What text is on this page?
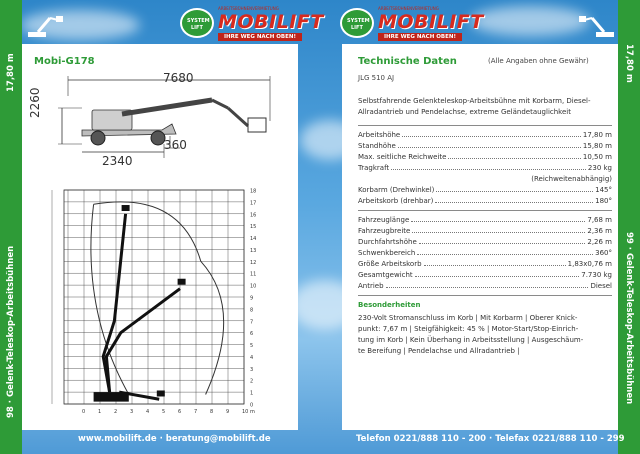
17,80 m
98 · Gelenk-Teleskop-Arbeitsbühnen
17,80 m
99 · Gelenk-Teleskop-Arbeitsbühnen
SYSTEM
LIFT
ARBEITSBÜHNENVERMIETUNG
MOBILIFT
IHRE WEG NACH OBEN!
SYSTEM
LIFT
ARBEITSBÜHNENVERMIETUNG
MOBILIFT
IHRE WEG NACH OBEN!
Mobi-G178
7680
2260
2340
360
18
17
16
15
14
13
12
11
10
9
8
7
6
5
4
3
2
1
0
0	1	2	3	4	5	6	7	8	9	10 m
Technische Daten	(Alle Angaben ohne Gewähr)
JLG 510 AJ
Selbstfahrende Gelenkteleskop-Arbeitsbühne mit Korbarm, Diesel-Allradantrieb und Pendelachse, extreme Geländetauglichkeit
Arbeitshöhe	17,80 m
Standhöhe	15,80 m
Max. seitliche Reichweite	10,50 m
Tragkraft	230 kg
(Reichweitenabhängig)
Korbarm (Drehwinkel)	145°
Arbeitskorb (drehbar)	180°
Fahrzeuglänge	7,68 m
Fahrzeugbreite	2,36 m
Durchfahrtshöhe	2,26 m
Schwenkbereich	360°
Größe Arbeitskorb	1,83x0,76 m
Gesamtgewicht	7.730 kg
Antrieb	Diesel
Besonderheiten
230-Volt Stromanschluss im Korb | Mit Korbarm | Oberer Knick-
punkt: 7,67 m | Steigfähigkeit: 45 % | Motor-Start/Stop-Einrich-
tung im Korb | Kein Überhang in Arbeitsstellung | Ausgeschäum-
te Bereifung | Pendelachse und Allradantrieb |
www.mobilift.de · beratung@mobilift.de	Telefon 0221/888 110 - 200 · Telefax 0221/888 110 - 299
